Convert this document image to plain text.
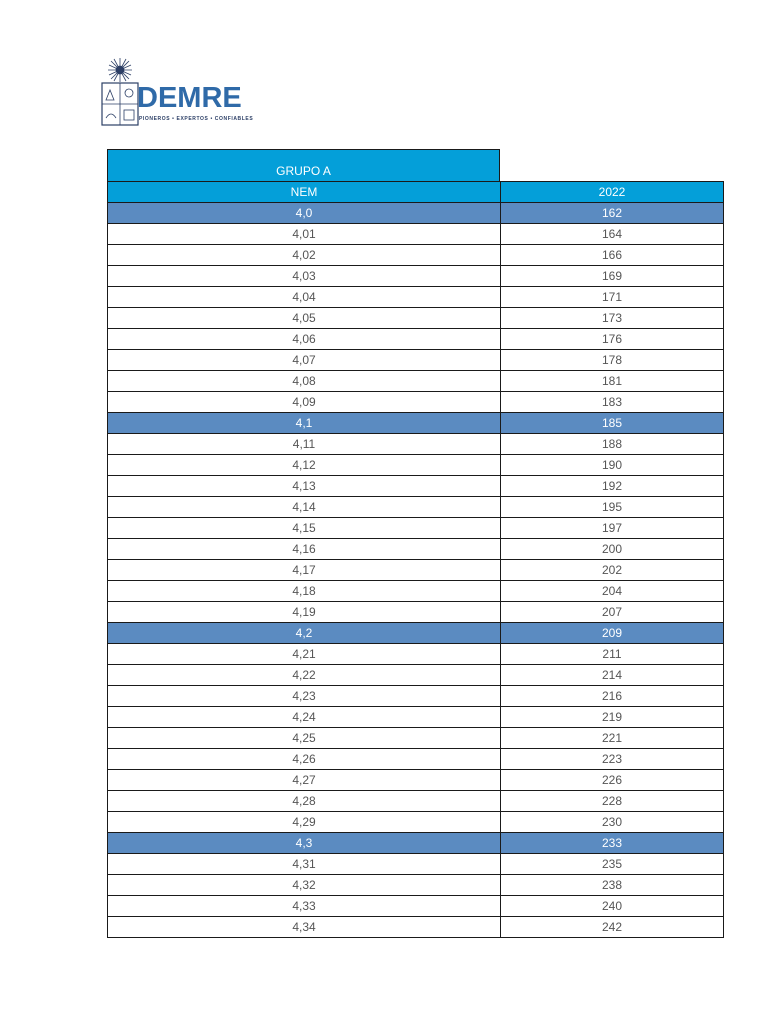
DEMRE
PIONEROS • EXPERTOS • CONFIABLES
GRUPO A
NEM	2022
4,0	162
4,01	164
4,02	166
4,03	169
4,04	171
4,05	173
4,06	176
4,07	178
4,08	181
4,09	183
4,1	185
4,11	188
4,12	190
4,13	192
4,14	195
4,15	197
4,16	200
4,17	202
4,18	204
4,19	207
4,2	209
4,21	211
4,22	214
4,23	216
4,24	219
4,25	221
4,26	223
4,27	226
4,28	228
4,29	230
4,3	233
4,31	235
4,32	238
4,33	240
4,34	242
